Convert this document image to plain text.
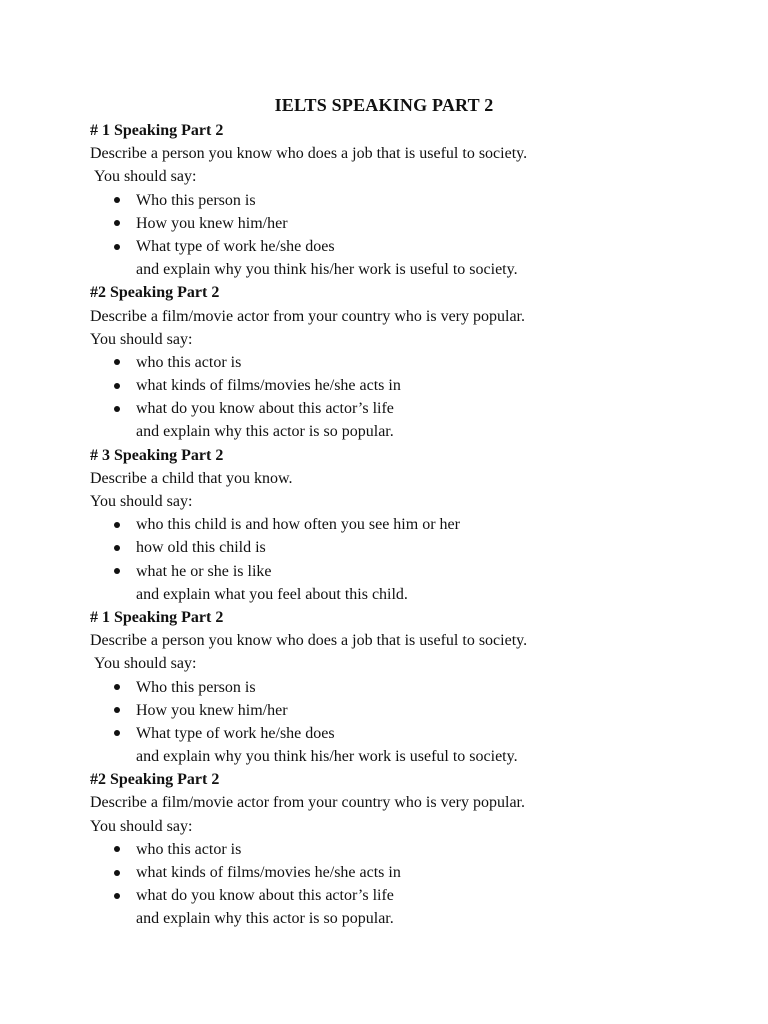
IELTS SPEAKING PART 2
# 1 Speaking Part 2
Describe a person you know who does a job that is useful to society.
You should say:
Who this person is
How you knew him/her
What type of work he/she does
and explain why you think his/her work is useful to society.
#2 Speaking Part 2
Describe a film/movie actor from your country who is very popular.
You should say:
who this actor is
what kinds of films/movies he/she acts in
what do you know about this actor’s life
and explain why this actor is so popular.
# 3 Speaking Part 2
Describe a child that you know.
You should say:
who this child is and how often you see him or her
how old this child is
what he or she is like
and explain what you feel about this child.
# 1 Speaking Part 2
Describe a person you know who does a job that is useful to society.
You should say:
Who this person is
How you knew him/her
What type of work he/she does
and explain why you think his/her work is useful to society.
#2 Speaking Part 2
Describe a film/movie actor from your country who is very popular.
You should say:
who this actor is
what kinds of films/movies he/she acts in
what do you know about this actor’s life
and explain why this actor is so popular.
